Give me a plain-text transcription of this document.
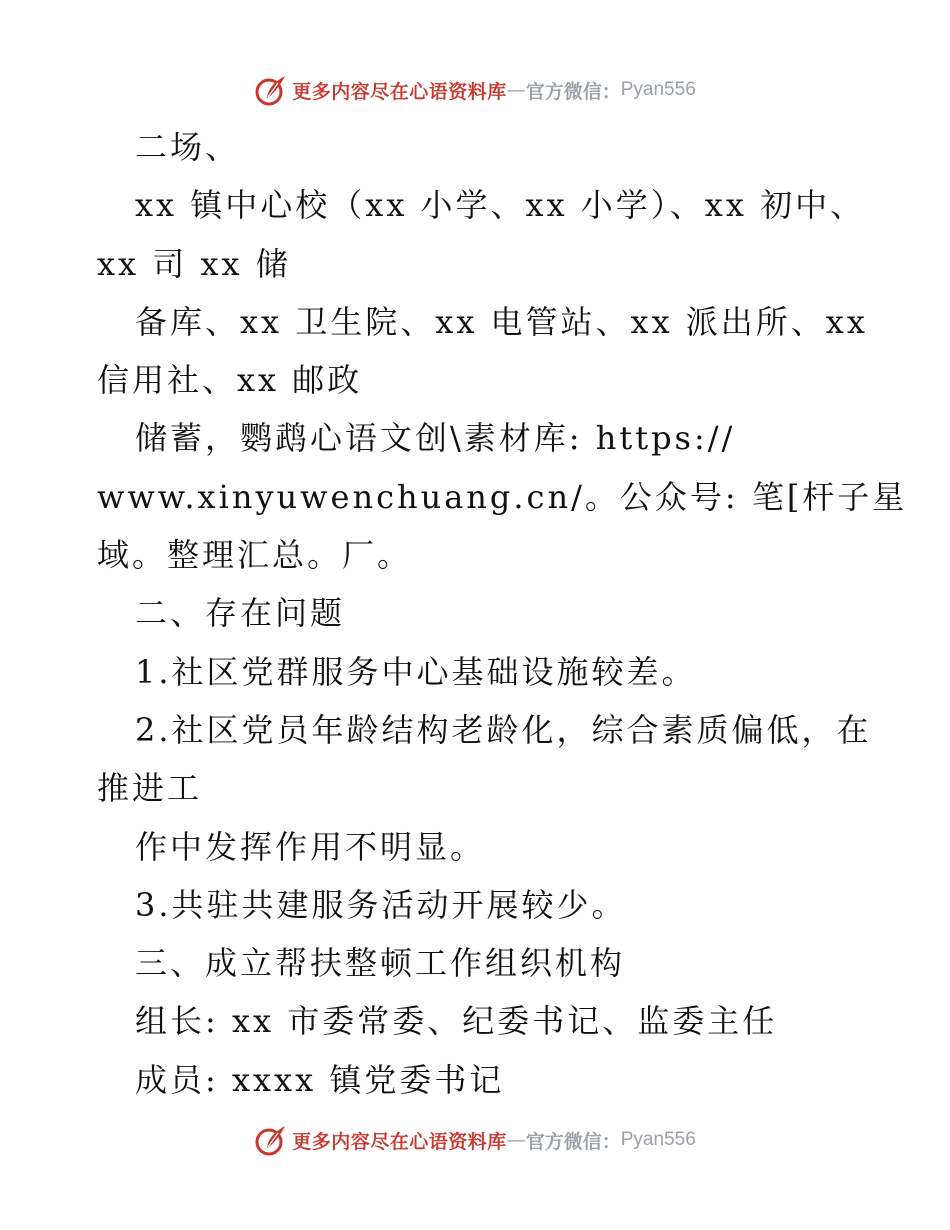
更多内容尽在心语资料库 — 官方微信： Pyan556
二场、
xx 镇中心校（xx 小学、xx 小学）、xx 初中、
xx 司 xx 储
备库、xx 卫生院、xx 电管站、xx 派出所、xx
信用社、xx 邮政
储蓄，鹦鹉心语文创\素材库: https://
www.xinyuwenchuang.cn/。公众号: 笔[杆子星
域。整理汇总。厂。
二、存在问题
1.社区党群服务中心基础设施较差。
2.社区党员年龄结构老龄化，综合素质偏低，在
推进工
作中发挥作用不明显。
3.共驻共建服务活动开展较少。
三、成立帮扶整顿工作组织机构
组长: xx 市委常委、纪委书记、监委主任
成员: xxxx 镇党委书记
更多内容尽在心语资料库 — 官方微信： Pyan556
